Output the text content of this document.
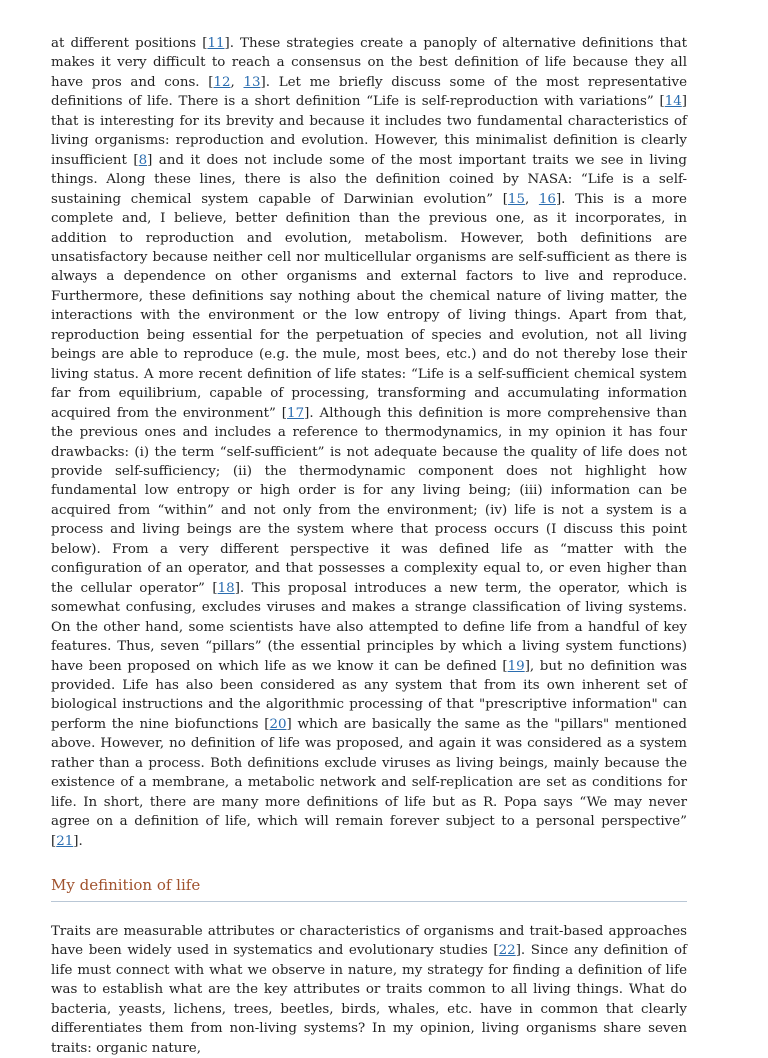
at different positions [11]. These strategies create a panoply of alternative definitions that makes it very difficult to reach a consensus on the best definition of life because they all have pros and cons. [12, 13]. Let me briefly discuss some of the most representative definitions of life. There is a short definition “Life is self-reproduction with variations” [14] that is interesting for its brevity and because it includes two fundamental characteristics of living organisms: reproduction and evolution. However, this minimalist definition is clearly insufficient [8] and it does not include some of the most important traits we see in living things. Along these lines, there is also the definition coined by NASA: “Life is a self-sustaining chemical system capable of Darwinian evolution” [15, 16]. This is a more complete and, I believe, better definition than the previous one, as it incorporates, in addition to reproduction and evolution, metabolism. However, both definitions are unsatisfactory because neither cell nor multicellular organisms are self-sufficient as there is always a dependence on other organisms and external factors to live and reproduce. Furthermore, these definitions say nothing about the chemical nature of living matter, the interactions with the environment or the low entropy of living things. Apart from that, reproduction being essential for the perpetuation of species and evolution, not all living beings are able to reproduce (e.g. the mule, most bees, etc.) and do not thereby lose their living status. A more recent definition of life states: “Life is a self-sufficient chemical system far from equilibrium, capable of processing, transforming and accumulating information acquired from the environment” [17]. Although this definition is more comprehensive than the previous ones and includes a reference to thermodynamics, in my opinion it has four drawbacks: (i) the term “self-sufficient” is not adequate because the quality of life does not provide self-sufficiency; (ii) the thermodynamic component does not highlight how fundamental low entropy or high order is for any living being; (iii) information can be acquired from “within” and not only from the environment; (iv) life is not a system is a process and living beings are the system where that process occurs (I discuss this point below). From a very different perspective it was defined life as “matter with the configuration of an operator, and that possesses a complexity equal to, or even higher than the cellular operator” [18]. This proposal introduces a new term, the operator, which is somewhat confusing, excludes viruses and makes a strange classification of living systems. On the other hand, some scientists have also attempted to define life from a handful of key features. Thus, seven “pillars” (the essential principles by which a living system functions) have been proposed on which life as we know it can be defined [19], but no definition was provided. Life has also been considered as any system that from its own inherent set of biological instructions and the algorithmic processing of that "prescriptive information" can perform the nine biofunctions [20] which are basically the same as the "pillars" mentioned above. However, no definition of life was proposed, and again it was considered as a system rather than a process. Both definitions exclude viruses as living beings, mainly because the existence of a membrane, a metabolic network and self-replication are set as conditions for life. In short, there are many more definitions of life but as R. Popa says “We may never agree on a definition of life, which will remain forever subject to a personal perspective” [21].

My definition of life

Traits are measurable attributes or characteristics of organisms and trait-based approaches have been widely used in systematics and evolutionary studies [22]. Since any definition of life must connect with what we observe in nature, my strategy for finding a definition of life was to establish what are the key attributes or traits common to all living things. What do bacteria, yeasts, lichens, trees, beetles, birds, whales, etc. have in common that clearly differentiates them from non-living systems? In my opinion, living organisms share seven traits: organic nature,
